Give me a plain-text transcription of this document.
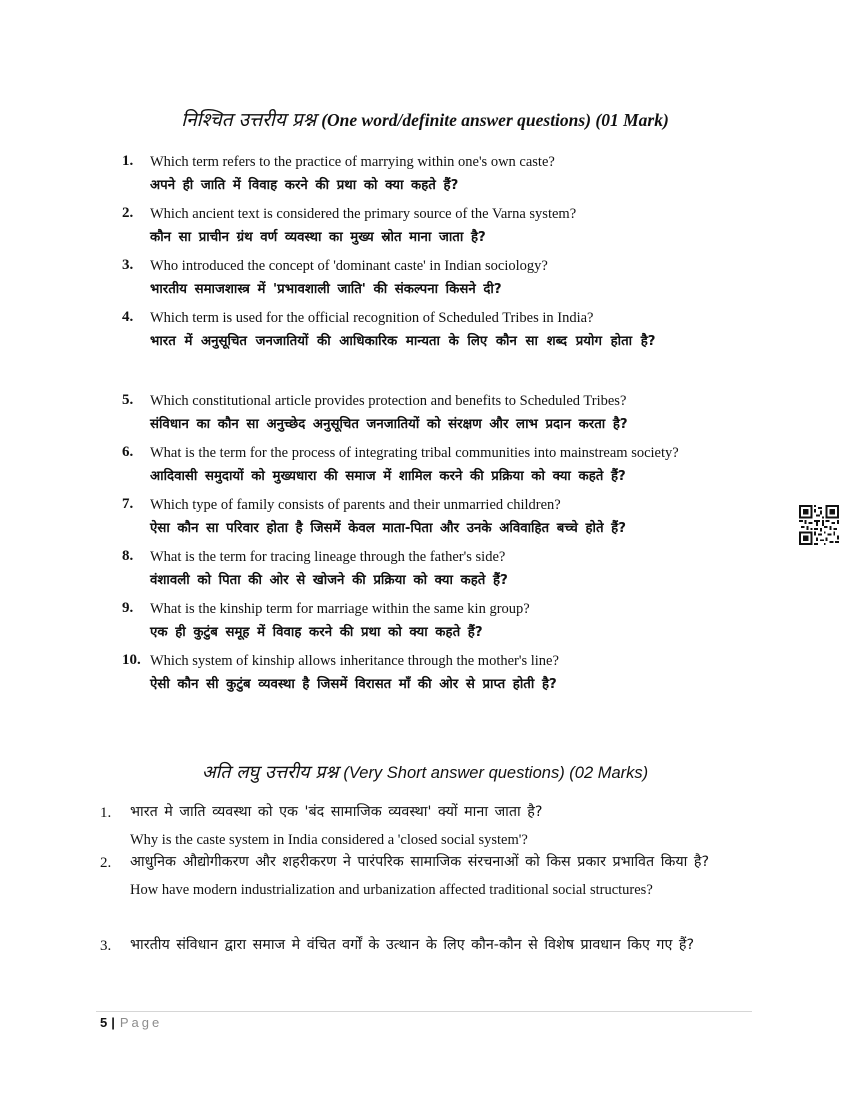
निश्चित उत्तरीय प्रश्न (One word/definite answer questions) (01 Mark)
1.	Which term refers to the practice of marrying within one's own caste?
अपने ही जाति में विवाह करने की प्रथा को क्या कहते हैं?
2.	Which ancient text is considered the primary source of the Varna system?
कौन सा प्राचीन ग्रंथ वर्ण व्यवस्था का मुख्य स्रोत माना जाता है?
3.	Who introduced the concept of 'dominant caste' in Indian sociology?
भारतीय समाजशास्त्र में 'प्रभावशाली जाति' की संकल्पना किसने दी?
4.	Which term is used for the official recognition of Scheduled Tribes in India?
भारत में अनुसूचित जनजातियों की आधिकारिक मान्यता के लिए कौन सा शब्द प्रयोग होता है?
5.	Which constitutional article provides protection and benefits to Scheduled Tribes?
संविधान का कौन सा अनुच्छेद अनुसूचित जनजातियों को संरक्षण और लाभ प्रदान करता है?
6.	What is the term for the process of integrating tribal communities into mainstream society?
आदिवासी समुदायों को मुख्यधारा की समाज में शामिल करने की प्रक्रिया को क्या कहते हैं?
7.	Which type of family consists of parents and their unmarried children?
ऐसा कौन सा परिवार होता है जिसमें केवल माता-पिता और उनके अविवाहित बच्चे होते हैं?
8.	What is the term for tracing lineage through the father's side?
वंशावली को पिता की ओर से खोजने की प्रक्रिया को क्या कहते हैं?
9.	What is the kinship term for marriage within the same kin group?
एक ही कुटुंब समूह में विवाह करने की प्रथा को क्या कहते हैं?
10. Which system of kinship allows inheritance through the mother's line?
ऐसी कौन सी कुटुंब व्यवस्था है जिसमें विरासत माँ की ओर से प्राप्त होती है?
अति लघु उत्तरीय प्रश्न (Very Short answer questions) (02 Marks)
1.	भारत मे जाति व्यवस्था को एक 'बंद सामाजिक व्यवस्था' क्यों माना जाता है?
Why is the caste system in India considered a 'closed social system'?
2.	आधुनिक औद्योगीकरण और शहरीकरण ने पारंपरिक सामाजिक संरचनाओं को किस प्रकार प्रभावित किया है?
How have modern industrialization and urbanization affected traditional social structures?
3.	भारतीय संविधान द्वारा समाज मे वंचित वर्गों के उत्थान के लिए कौन-कौन से विशेष प्रावधान किए गए हैं?
5 | Page
